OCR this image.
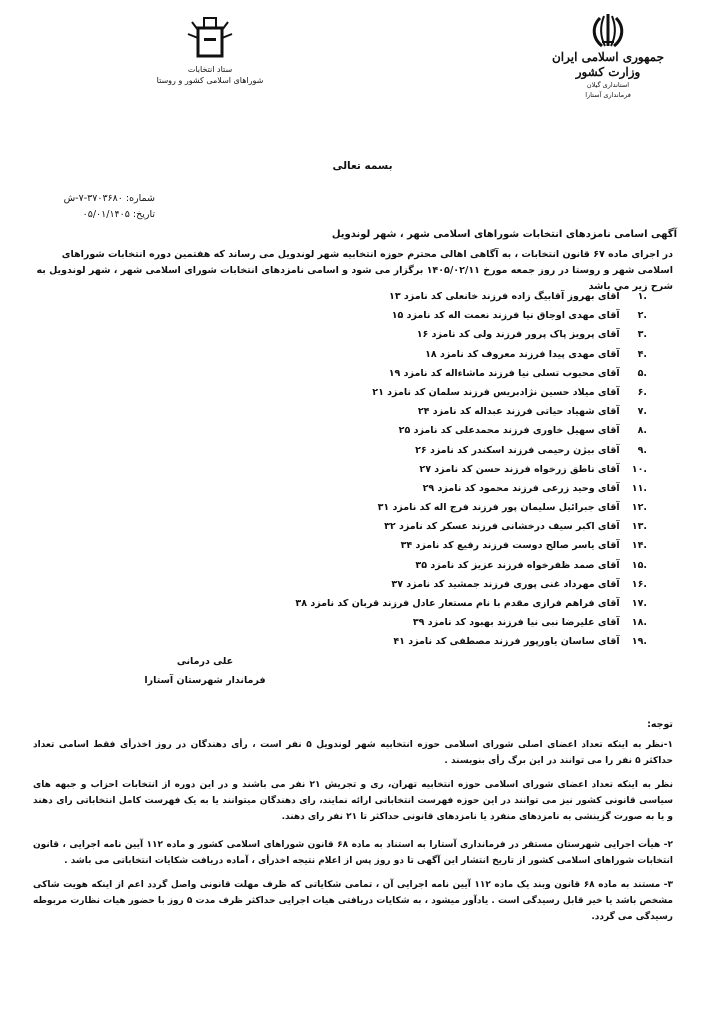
جمهوری اسلامی ایران
وزارت کشور
استانداری گیلان
فرمانداری آستارا
ستاد انتخابات
شوراهای اسلامی کشور و روستا
بسمه تعالی
شماره: ۳۷۰۳۶۸۰-۷-ش
تاریخ: ۰۵/۰۱/۱۴۰۵
آگهی اسامی نامزدهای انتخابات شوراهای اسلامی شهر ، شهر لوندویل
در اجرای ماده ۶۷ قانون انتخابات ، به آگاهی اهالی محترم حوزه انتخابیه شهر لوندویل می رساند که هفتمین دوره انتخابات شوراهای اسلامی شهر و روستا در روز جمعه مورخ ۱۴۰۵/۰۲/۱۱ برگزار می شود و اسامی نامزدهای انتخابات شورای اسلامی شهر ، شهر لوندویل به شرح زیر می باشد
.۱ آقای بهروز آقابیگ زاده فرزند خانعلی کد نامزد ۱۳
.۲ آقای مهدی اوجاق نیا فرزند نعمت اله کد نامزد ۱۵
.۳ آقای پرویز پاک پرور فرزند ولی کد نامزد ۱۶
.۴ آقای مهدی پیدا فرزند معروف کد نامزد ۱۸
.۵ آقای محبوب تسلی نیا فرزند ماشاءاله کد نامزد ۱۹
.۶ آقای میلاد حسین نژادبریس فرزند سلمان کد نامزد ۲۱
.۷ آقای شهیاد حیاتی فرزند عبداله کد نامزد ۲۴
.۸ آقای سهیل خاوری فرزند محمدعلی کد نامزد ۲۵
.۹ آقای بیژن رحیمی فرزند اسکندر کد نامزد ۲۶
.۱۰ آقای ناطق زرخواه فرزند حسن کد نامزد ۲۷
.۱۱ آقای وحید زرعی فرزند محمود کد نامزد ۲۹
.۱۲ آقای جبرائیل سلیمان پور فرزند فرج اله کد نامزد ۳۱
.۱۳ آقای اکبر سیف درخشانی فرزند عسکر کد نامزد ۳۲
.۱۴ آقای یاسر صالح دوست فرزند رفیع کد نامزد ۳۴
.۱۵ آقای صمد ظفرخواه فرزند عزیز کد نامزد ۳۵
.۱۶ آقای مهرداد غنی پوری فرزند جمشید کد نامزد ۳۷
.۱۷ آقای فراهم فرازی مقدم با نام مستعار عادل فرزند قربان کد نامزد ۳۸
.۱۸ آقای علیرضا نبی نیا فرزند بهبود کد نامزد ۳۹
.۱۹ آقای ساسان یاورپور فرزند مصطفی کد نامزد ۴۱
علی درمانی
فرماندار شهرستان آستارا
توجه:
۱-نظر به اینکه تعداد اعضای اصلی شورای اسلامی حوزه انتخابیه شهر لوندویل ۵ نفر است ، رأی دهندگان در روز اخذرأی فقط اسامی تعداد حداکثر ۵ نفر را می توانند در این برگ رأی بنویسند .
نظر به اینکه تعداد اعضای شورای اسلامی حوزه انتخابیه تهران، ری و تجریش ۲۱ نفر می باشند و در این دوره از انتخابات احزاب و جبهه های سیاسی قانونی کشور نیز می توانند در این حوزه فهرست انتخاباتی ارائه نمایند، رای دهندگان میتوانند یا به یک فهرست کامل انتخاباتی رای دهند و یا به صورت گزینشی به نامزدهای منفرد یا نامزدهای قانونی حداکثر تا ۲۱ نفر رای دهند.
۲- هیأت اجرایی شهرستان مستقر در فرمانداری آستارا به استناد به ماده ۶۸ قانون شوراهای اسلامی کشور و ماده ۱۱۲ آیین نامه اجرایی ، قانون انتخابات شوراهای اسلامی کشور از تاریخ انتشار این آگهی تا دو روز پس از اعلام نتیجه اخذرأی ، آماده دریافت شکایات انتخاباتی می باشد .
۳- مستند به ماده ۶۸ قانون وبند یک ماده ۱۱۲ آیین نامه اجرایی آن ، تمامی شکایاتی که ظرف مهلت قانونی واصل گردد اعم از اینکه هویت شاکی مشخص باشد یا خیر قابل رسیدگی است . یادآور میشود ، به شکایات دریافتی هیات اجرایی حداکثر ظرف مدت ۵ روز با حضور هیات نظارت مربوطه رسیدگی می گردد.
